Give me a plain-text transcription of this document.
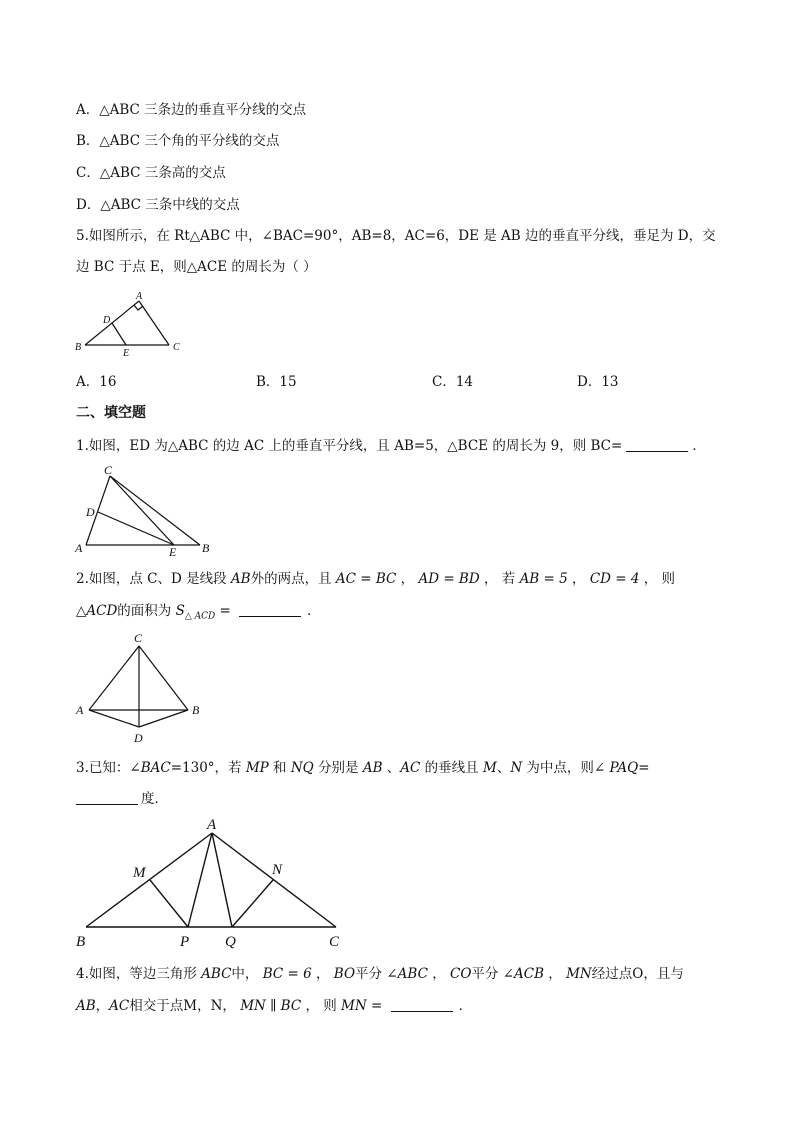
A．△ABC 三条边的垂直平分线的交点
B．△ABC 三个角的平分线的交点
C．△ABC 三条高的交点
D．△ABC 三条中线的交点
5.如图所示，在 Rt△ABC 中，∠BAC=90°，AB=8，AC=6，DE 是 AB 边的垂直平分线，垂足为 D，交
边 BC 于点 E，则△ACE 的周长为（ ）
A
B	C
D
E
A．16	B．15	C．14	D．13
二、填空题
1.如图，ED 为△ABC 的边 AC 上的垂直平分线，且 AB=5，△BCE 的周长为 9，则 BC=	．
C
D
A	E B
2.如图，点 C、D 是线段 AB外的两点，且 AC = BC ， AD = BD ， 若 AB = 5 ， CD = 4 ， 则
△ACD的面积为 $S_{\triangle ACD}$ =	．
C
A	B
D
3.已知：∠BAC=130°，若 MP 和 NQ 分别是 AB 、AC 的垂线且 M、N 为中点，则∠ PAQ=
度．
A
M	N
B	P Q	C
4.如图，等边三角形 ABC中， BC = 6 ， BO平分 ∠ABC ， CO平分 ∠ACB ， MN经过点O，且与
AB，AC相交于点M，N， MN ∥ BC ， 则 MN =	．
